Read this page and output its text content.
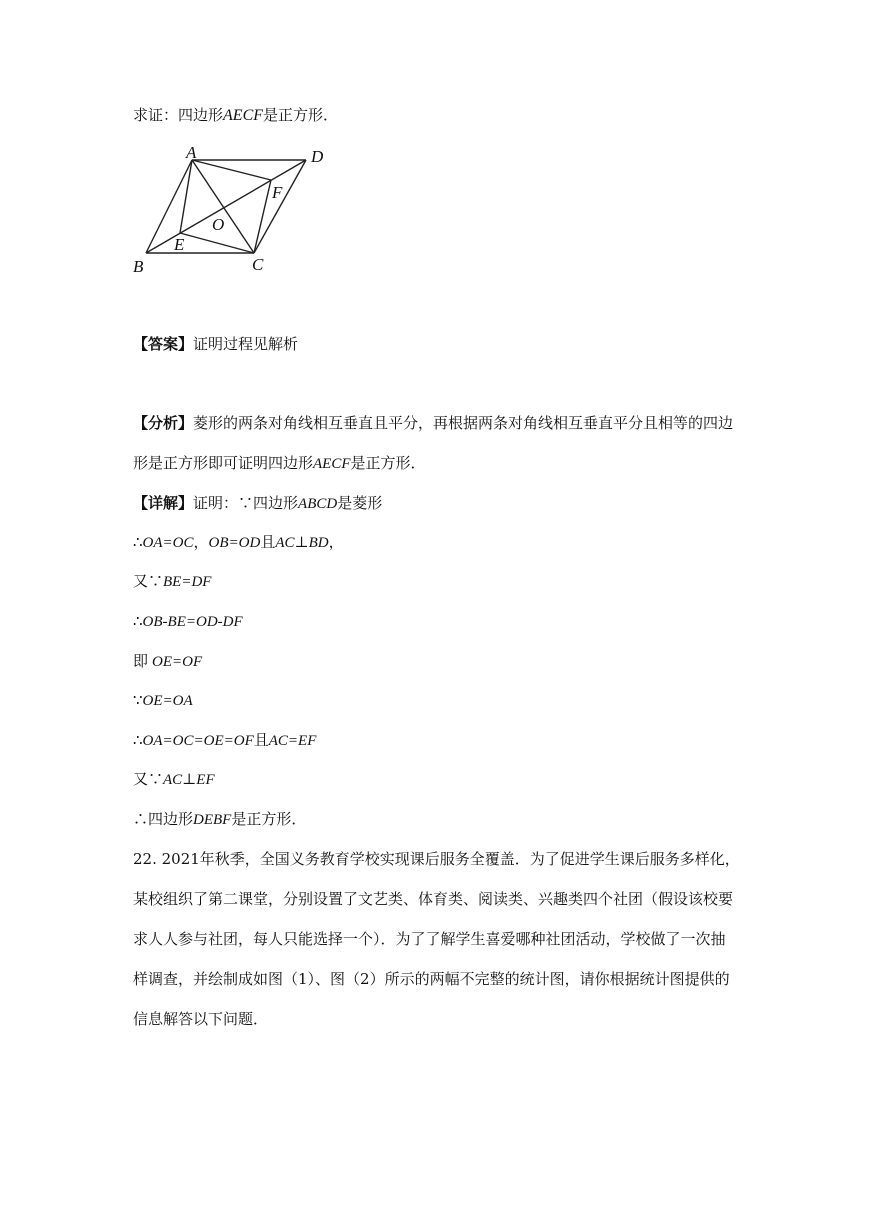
求证：四边形AECF是正方形．
A	D
F
O
E
C
B
【答案】证明过程见解析
【分析】菱形的两条对角线相互垂直且平分，再根据两条对角线相互垂直平分且相等的四边
形是正方形即可证明四边形AECF是正方形．
【详解】证明：∵四边形ABCD是菱形
∴OA=OC，OB=OD且AC⊥BD，
又∵BE=DF
∴OB-BE=OD-DF
即 OE=OF
∵OE=OA
∴OA=OC=OE=OF且AC=EF
又∵AC⊥EF
∴四边形DEBF是正方形．
22. 2021年秋季，全国义务教育学校实现课后服务全覆盖．为了促进学生课后服务多样化，
某校组织了第二课堂，分别设置了文艺类、体育类、阅读类、兴趣类四个社团（假设该校要
求人人参与社团，每人只能选择一个）．为了了解学生喜爱哪种社团活动，学校做了一次抽
样调查，并绘制成如图（1）、图（2）所示的两幅不完整的统计图，请你根据统计图提供的
信息解答以下问题．
